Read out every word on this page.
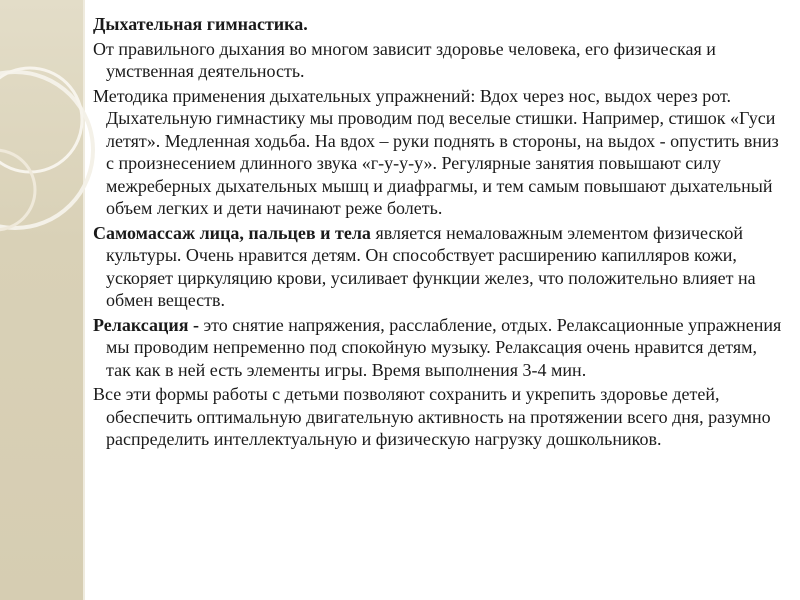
Дыхательная гимнастика.

От правильного дыхания во многом зависит здоровье человека, его физическая и умственная деятельность.

Методика применения дыхательных упражнений: Вдох через нос, выдох через рот. Дыхательную гимнастику мы проводим под веселые стишки. Например, стишок «Гуси летят». Медленная ходьба. На вдох – руки поднять в стороны, на выдох - опустить вниз с произнесением длинного звука «г-у-у-у». Регулярные занятия повышают силу межреберных дыхательных мышц и диафрагмы, и тем самым повышают дыхательный объем легких и дети начинают реже болеть.

Самомассаж лица, пальцев и тела является немаловажным элементом физической культуры. Очень нравится детям. Он способствует расширению капилляров кожи, ускоряет циркуляцию крови, усиливает функции желез, что положительно влияет на обмен веществ.

Релаксация - это снятие напряжения, расслабление, отдых. Релаксационные упражнения мы проводим непременно под спокойную музыку. Релаксация очень нравится детям, так как в ней есть элементы игры. Время выполнения 3-4 мин.

Все эти формы работы с детьми позволяют сохранить и укрепить здоровье детей, обеспечить оптимальную двигательную активность на протяжении всего дня, разумно распределить интеллектуальную и физическую нагрузку дошкольников.
